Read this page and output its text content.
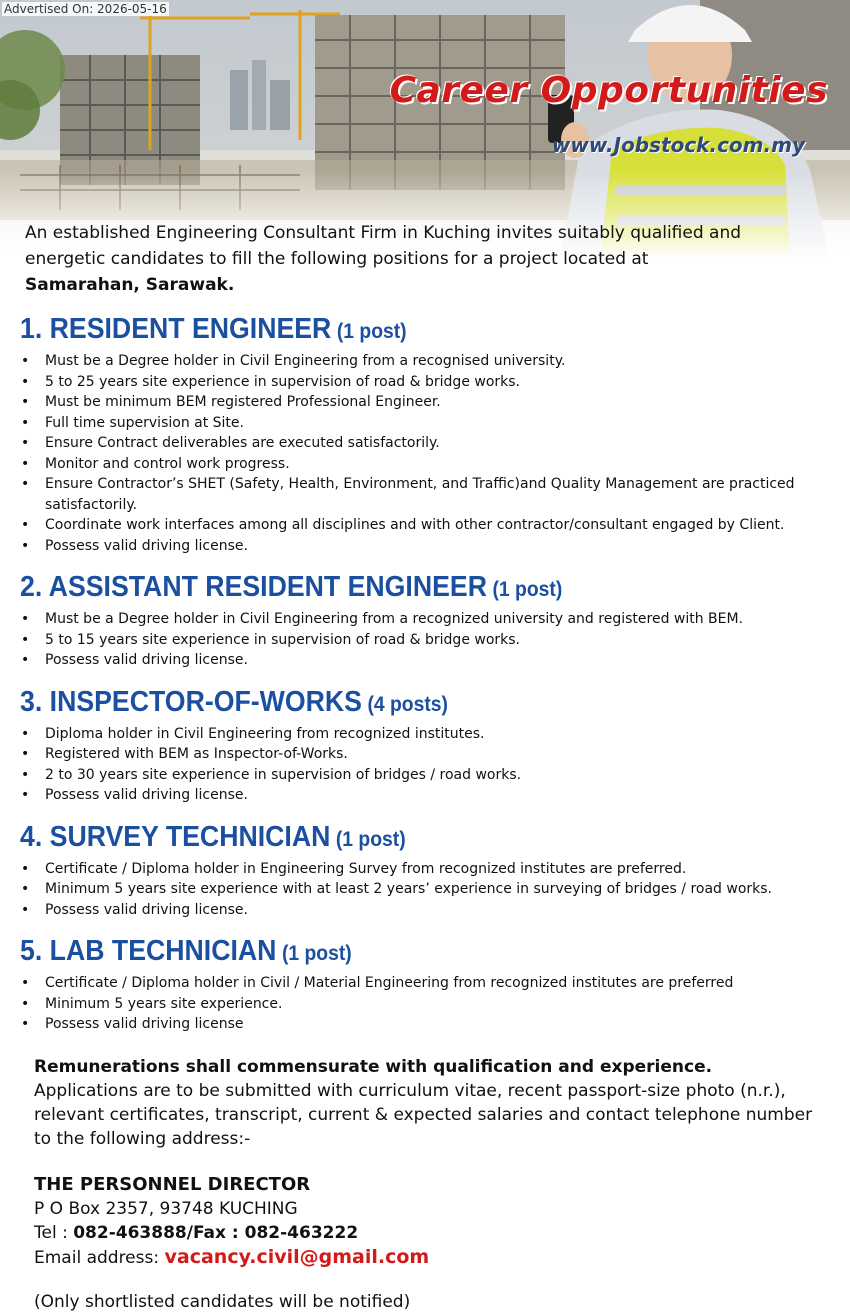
Advertised On: 2026-05-16
Career Opportunities
www.Jobstock.com.my
An established Engineering Consultant Firm in Kuching invites suitably qualified and energetic candidates to fill the following positions for a project located at
Samarahan, Sarawak.
1. RESIDENT ENGINEER (1 post)
• Must be a Degree holder in Civil Engineering from a recognised university.
• 5 to 25 years site experience in supervision of road & bridge works.
• Must be minimum BEM registered Professional Engineer.
• Full time supervision at Site.
• Ensure Contract deliverables are executed satisfactorily.
• Monitor and control work progress.
• Ensure Contractor’s SHET (Safety, Health, Environment, and Traffic)and Quality Management are practiced satisfactorily.
• Coordinate work interfaces among all disciplines and with other contractor/consultant engaged by Client.
• Possess valid driving license.
2. ASSISTANT RESIDENT ENGINEER (1 post)
• Must be a Degree holder in Civil Engineering from a recognized university and registered with BEM.
• 5 to 15 years site experience in supervision of road & bridge works.
• Possess valid driving license.
3. INSPECTOR-OF-WORKS (4 posts)
• Diploma holder in Civil Engineering from recognized institutes.
• Registered with BEM as Inspector-of-Works.
• 2 to 30 years site experience in supervision of bridges / road works.
• Possess valid driving license.
4. SURVEY TECHNICIAN (1 post)
• Certificate / Diploma holder in Engineering Survey from recognized institutes are preferred.
• Minimum 5 years site experience with at least 2 years’ experience in surveying of bridges / road works.
• Possess valid driving license.
5. LAB TECHNICIAN (1 post)
• Certificate / Diploma holder in Civil / Material Engineering from recognized institutes are preferred
• Minimum 5 years site experience.
• Possess valid driving license
Remunerations shall commensurate with qualification and experience.
Applications are to be submitted with curriculum vitae, recent passport-size photo (n.r.), relevant certificates, transcript, current & expected salaries and contact telephone number to the following address:-
THE PERSONNEL DIRECTOR
P O Box 2357, 93748 KUCHING
Tel : 082-463888/Fax : 082-463222
Email address: vacancy.civil@gmail.com
(Only shortlisted candidates will be notified)
